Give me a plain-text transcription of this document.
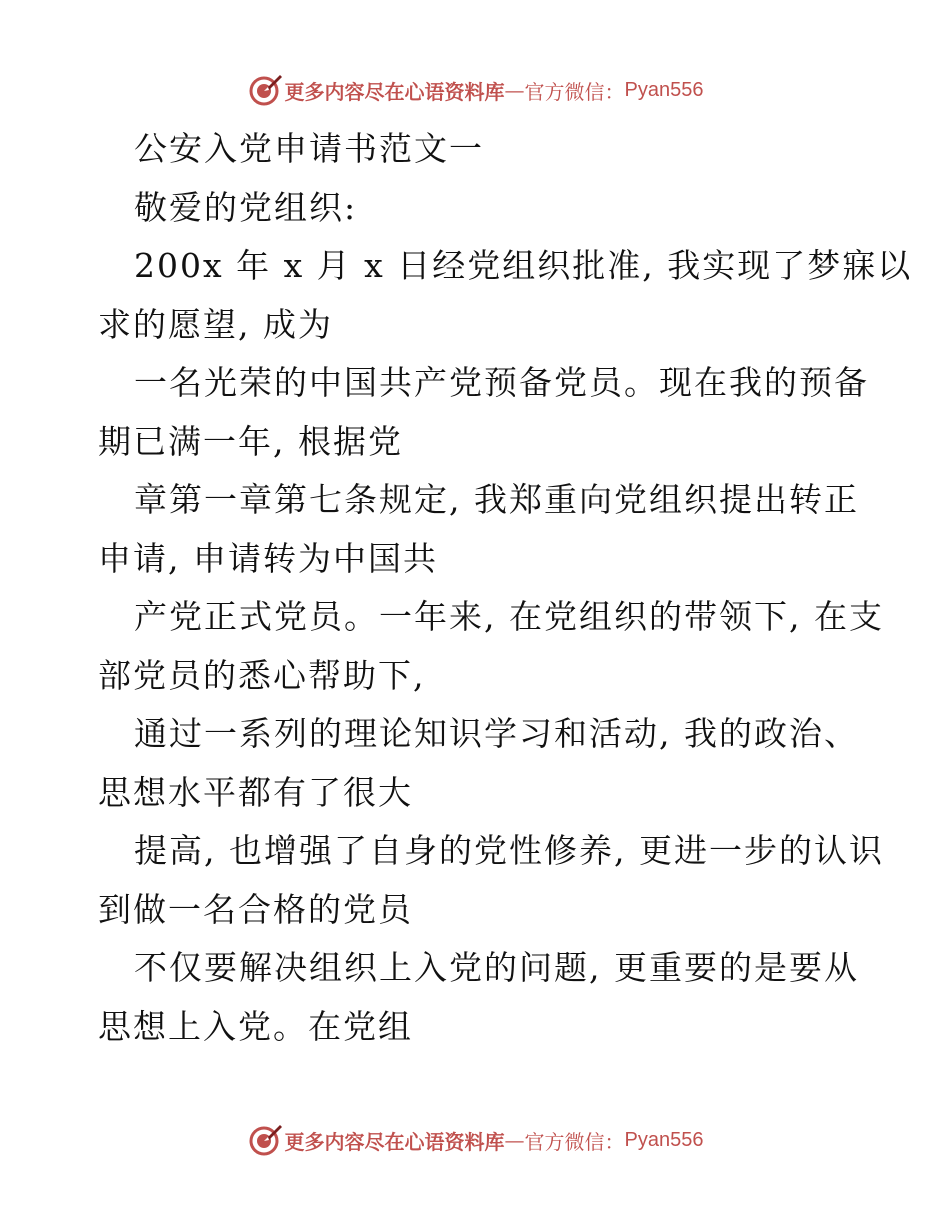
更多内容尽在心语资料库 — 官方微信： Pyan556
公安入党申请书范文一
敬爱的党组织:
200x 年 x 月 x 日经党组织批准, 我实现了梦寐以
求的愿望, 成为
一名光荣的中国共产党预备党员。现在我的预备
期已满一年, 根据党
章第一章第七条规定, 我郑重向党组织提出转正
申请, 申请转为中国共
产党正式党员。一年来, 在党组织的带领下, 在支
部党员的悉心帮助下,
通过一系列的理论知识学习和活动, 我的政治、
思想水平都有了很大
提高, 也增强了自身的党性修养, 更进一步的认识
到做一名合格的党员
不仅要解决组织上入党的问题, 更重要的是要从
思想上入党。在党组
更多内容尽在心语资料库 — 官方微信： Pyan556
